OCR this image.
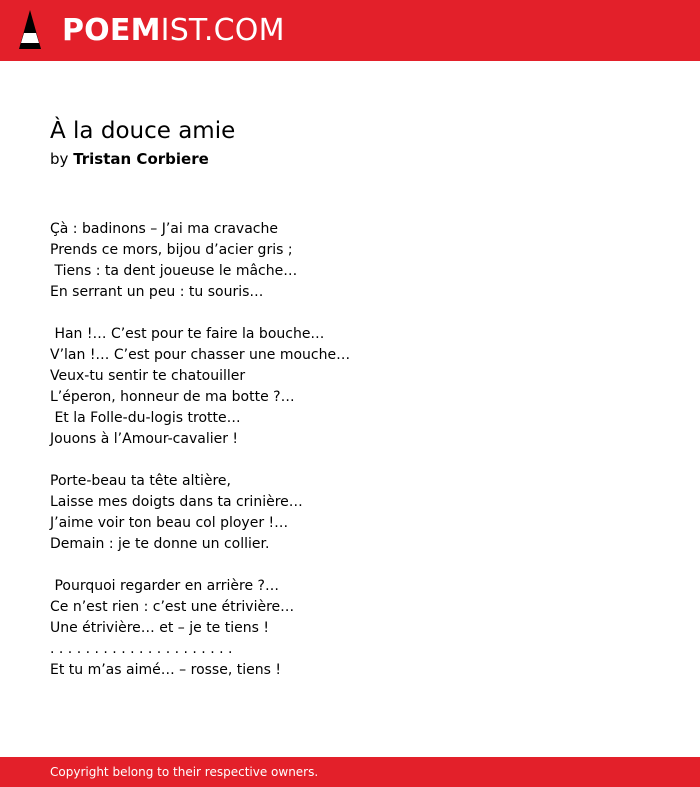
POEMIST.COM
À la douce amie
by Tristan Corbiere
Çà : badinons – J’ai ma cravache
Prends ce mors, bijou d’acier gris ;
Tiens : ta dent joueuse le mâche…
En serrant un peu : tu souris…
Han !… C’est pour te faire la bouche…
V’lan !… C’est pour chasser une mouche…
Veux-tu sentir te chatouiller
L’éperon, honneur de ma botte ?…
Et la Folle-du-logis trotte…
Jouons à l’Amour-cavalier !
Porte-beau ta tête altière,
Laisse mes doigts dans ta crinière…
J’aime voir ton beau col ployer !…
Demain : je te donne un collier.
Pourquoi regarder en arrière ?…
Ce n’est rien : c’est une étrivière…
Une étrivière… et – je te tiens !
. . . . . . . . . . . . . . . . . . . . .
Et tu m’as aimé… – rosse, tiens !
Copyright belong to their respective owners.
